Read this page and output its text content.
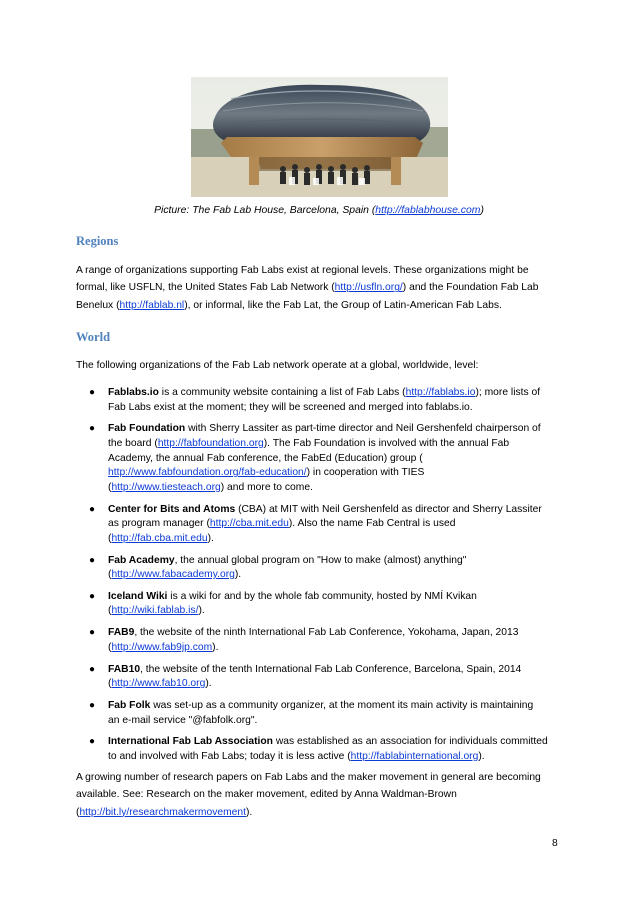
Picture: The Fab Lab House, Barcelona, Spain (http://fablabhouse.com)
Regions
A range of organizations supporting Fab Labs exist at regional levels. These organizations might be
formal, like USFLN, the United States Fab Lab Network (http://usfln.org/) and the Foundation Fab Lab
Benelux (http://fablab.nl), or informal, like the Fab Lat, the Group of Latin-American Fab Labs.
World
The following organizations of the Fab Lab network operate at a global, worldwide, level:
● Fablabs.io is a community website containing a list of Fab Labs (http://fablabs.io); more lists of
Fab Labs exist at the moment; they will be screened and merged into fablabs.io.
● Fab Foundation with Sherry Lassiter as part-time director and Neil Gershenfeld chairperson of
the board (http://fabfoundation.org). The Fab Foundation is involved with the annual Fab
Academy, the annual Fab conference, the FabEd (Education) group (
http://www.fabfoundation.org/fab-education/) in cooperation with TIES
(http://www.tiesteach.org) and more to come.
● Center for Bits and Atoms (CBA) at MIT with Neil Gershenfeld as director and Sherry Lassiter
as program manager (http://cba.mit.edu). Also the name Fab Central is used
(http://fab.cba.mit.edu).
● Fab Academy, the annual global program on "How to make (almost) anything"
(http://www.fabacademy.org).
● Iceland Wiki is a wiki for and by the whole fab community, hosted by NMÍ Kvikan
(http://wiki.fablab.is/).
● FAB9, the website of the ninth International Fab Lab Conference, Yokohama, Japan, 2013
(http://www.fab9jp.com).
● FAB10, the website of the tenth International Fab Lab Conference, Barcelona, Spain, 2014
(http://www.fab10.org).
● Fab Folk was set-up as a community organizer, at the moment its main activity is maintaining
an e-mail service "@fabfolk.org".
● International Fab Lab Association was established as an association for individuals committed
to and involved with Fab Labs; today it is less active (http://fablabinternational.org).
A growing number of research papers on Fab Labs and the maker movement in general are becoming
available. See: Research on the maker movement, edited by Anna Waldman-Brown
(http://bit.ly/researchmakermovement).
8
